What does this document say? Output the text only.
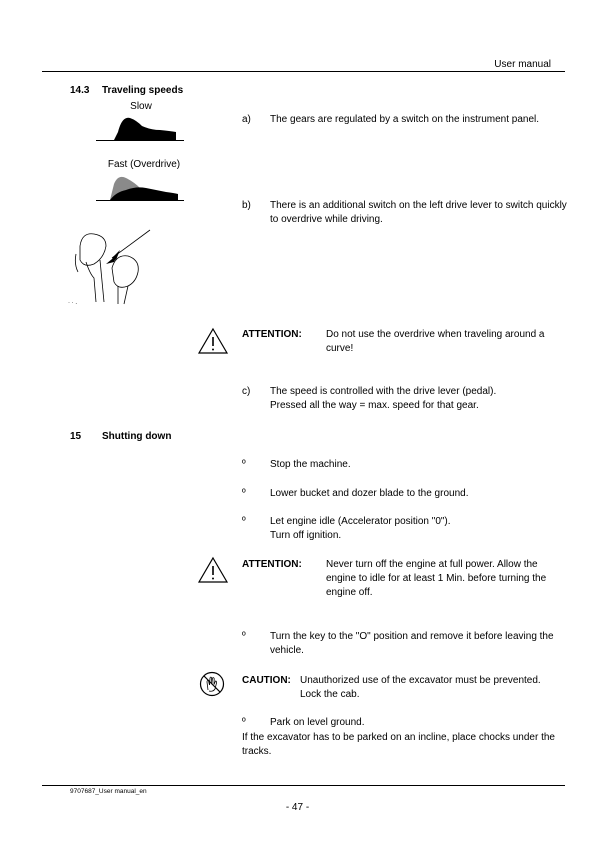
User manual
14.3 Traveling speeds
Slow
Fast (Overdrive)
· · .
a) The gears are regulated by a switch on the instrument panel.
b) There is an additional switch on the left drive lever to switch quickly
to overdrive while driving.
ATTENTION: Do not use the overdrive when traveling around a
curve!
c) The speed is controlled with the drive lever (pedal).
Pressed all the way = max. speed for that gear.
15 Shutting down
º Stop the machine.
º Lower bucket and dozer blade to the ground.
º Let engine idle (Accelerator position "0").
Turn off ignition.
ATTENTION: Never turn off the engine at full power. Allow the
engine to idle for at least 1 Min. before turning the
engine off.
º Turn the key to the "O" position and remove it before leaving the
vehicle.
CAUTION: Unauthorized use of the excavator must be prevented.
Lock the cab.
º Park on level ground.
If the excavator has to be parked on an incline, place chocks under the
tracks.
9707687_User manual_en
- 47 -
